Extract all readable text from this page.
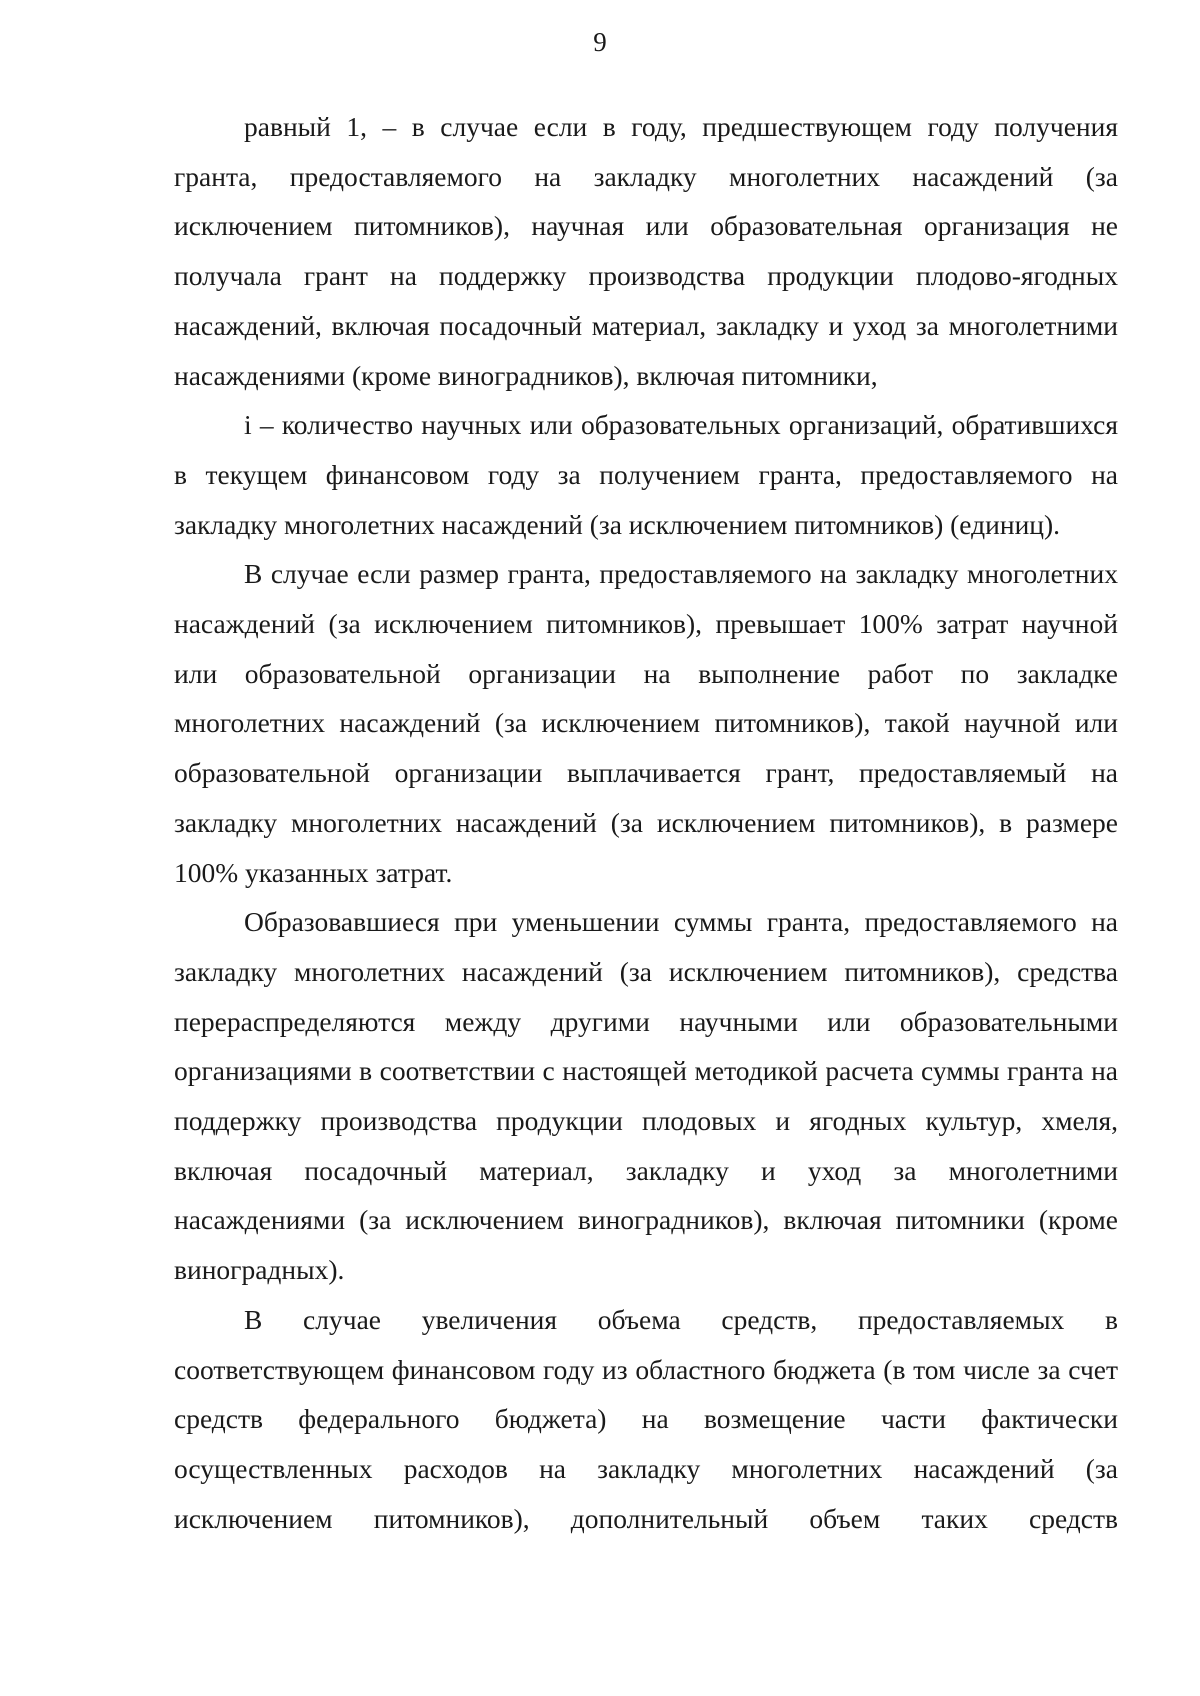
9

равный 1, – в случае если в году, предшествующем году получения гранта, предоставляемого на закладку многолетних насаждений (за исключением питомников), научная или образовательная организация не получала грант на поддержку производства продукции плодово-ягодных насаждений, включая посадочный материал, закладку и уход за многолетними насаждениями (кроме виноградников), включая питомники,

i – количество научных или образовательных организаций, обратившихся в текущем финансовом году за получением гранта, предоставляемого на закладку многолетних насаждений (за исключением питомников) (единиц).

В случае если размер гранта, предоставляемого на закладку многолетних насаждений (за исключением питомников), превышает 100% затрат научной или образовательной организации на выполнение работ по закладке многолетних насаждений (за исключением питомников), такой научной или образовательной организации выплачивается грант, предоставляемый на закладку многолетних насаждений (за исключением питомников), в размере 100% указанных затрат.

Образовавшиеся при уменьшении суммы гранта, предоставляемого на закладку многолетних насаждений (за исключением питомников), средства перераспределяются между другими научными или образовательными организациями в соответствии с настоящей методикой расчета суммы гранта на поддержку производства продукции плодовых и ягодных культур, хмеля, включая посадочный материал, закладку и уход за многолетними насаждениями (за исключением виноградников), включая питомники (кроме виноградных).

В случае увеличения объема средств, предоставляемых в соответствующем финансовом году из областного бюджета (в том числе за счет средств федерального бюджета) на возмещение части фактически осуществленных расходов на закладку многолетних насаждений (за исключением питомников), дополнительный объем таких средств
